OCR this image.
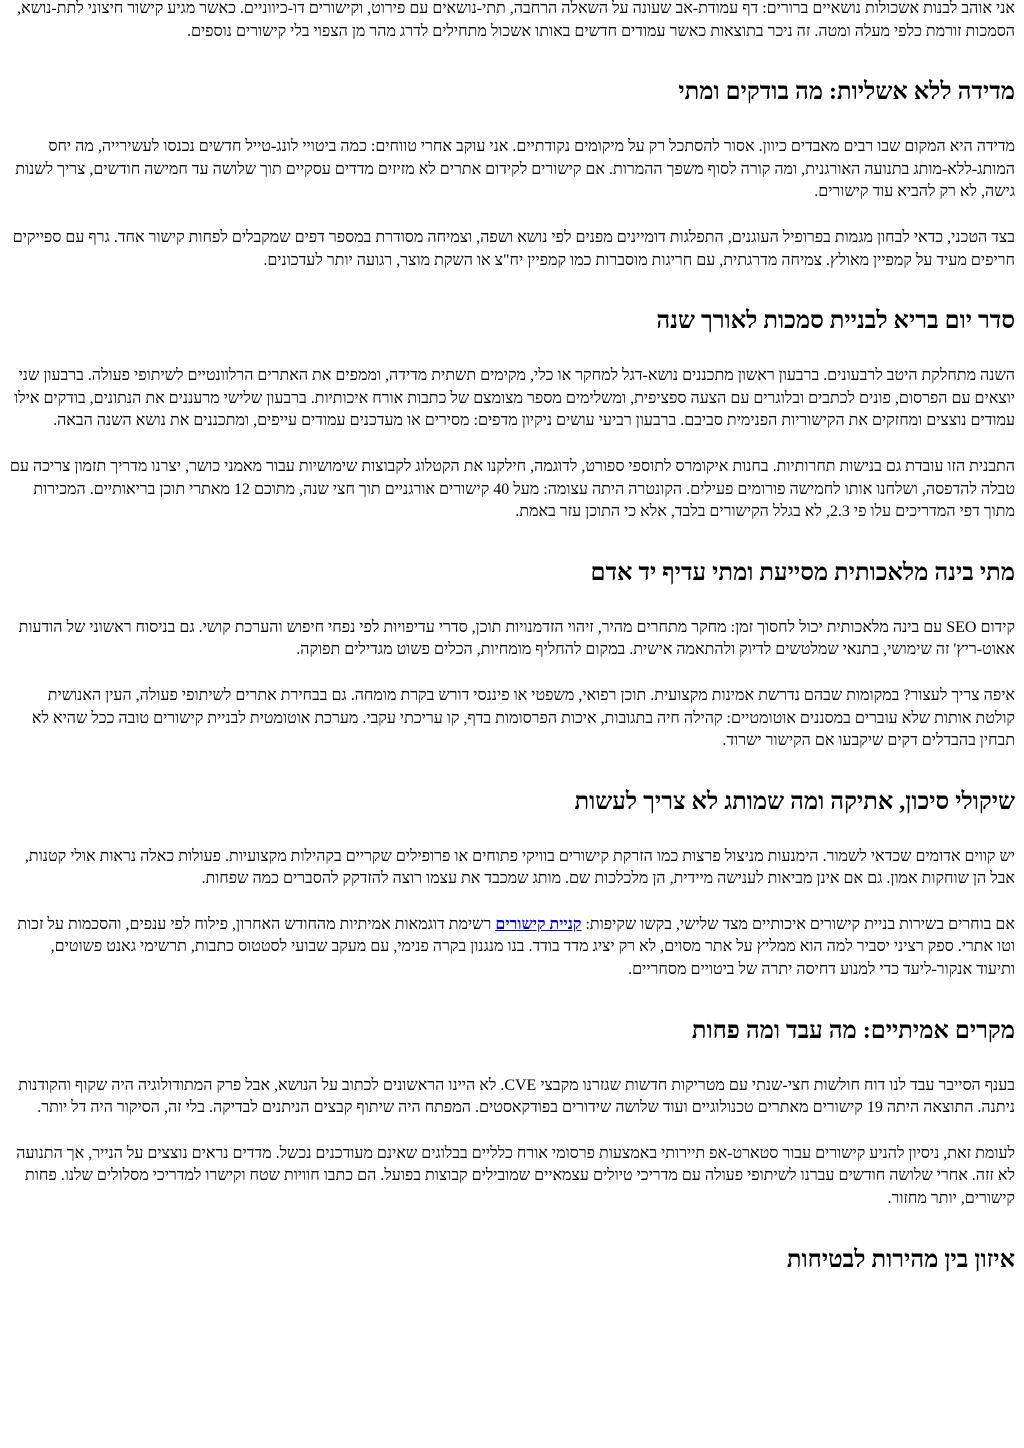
אני אוהב לבנות אשכולות נושאיים ברורים: דף עמודת-אב שעונה על השאלה הרחבה, תתי-נושאים עם פירוט, וקישורים דו-כיווניים. כאשר מגיע קישור חיצוני לתת-נושא, הסמכות זורמת כלפי מעלה ומטה. זה ניכר בתוצאות כאשר עמודים חדשים באותו אשכול מתחילים לדרג מהר מן הצפוי בלי קישורים נוספים.

מדידה ללא אשליות: מה בודקים ומתי

מדידה היא המקום שבו רבים מאבדים כיוון. אסור להסתכל רק על מיקומים נקודתיים. אני עוקב אחרי טווחים: כמה ביטויי לונג-טייל חדשים נכנסו לעשירייה, מה יחס המותג-ללא-מותג בתנועה האורגנית, ומה קורה לסוף משפך ההמרות. אם קישורים לקידום אתרים לא מזיזים מדדים עסקיים תוך שלושה עד חמישה חודשים, צריך לשנות גישה, לא רק להביא עוד קישורים.

בצד הטכני, כדאי לבחון מגמות בפרופיל העוגנים, התפלגות דומיינים מפנים לפי נושא ושפה, וצמיחה מסודרת במספר דפים שמקבלים לפחות קישור אחד. גרף עם ספייקים חריפים מעיד על קמפיין מאולץ. צמיחה מדרגתית, עם חריגות מוסברות כמו קמפיין יח"צ או השקת מוצר, רגועה יותר לעדכונים.

סדר יום בריא לבניית סמכות לאורך שנה

השנה מתחלקת היטב לרבעונים. ברבעון ראשון מתכננים נושא-דגל למחקר או כלי, מקימים תשתית מדידה, וממפים את האתרים הרלוונטיים לשיתופי פעולה. ברבעון שני יוצאים עם הפרסום, פונים לכתבים ובלוגרים עם הצעה ספציפית, ומשלימים מספר מצומצם של כתבות אורח איכותיות. ברבעון שלישי מרעננים את הנתונים, בודקים אילו עמודים נוצצים ומחזקים את הקישוריות הפנימית סביבם. ברבעון רביעי עושים ניקיון מדפים: מסירים או מעדכנים עמודים עייפים, ומתכננים את נושא השנה הבאה.

התבנית הזו עובדת גם בנישות תחרותיות. בחנות איקומרס לתוספי ספורט, לדוגמה, חילקנו את הקטלוג לקבוצות שימושיות עבור מאמני כושר, יצרנו מדריך תזמון צריכה עם טבלה להדפסה, ושלחנו אותו לחמישה פורומים פעילים. הקונטרה היתה עצומה: מעל 40 קישורים אורגניים תוך חצי שנה, מתוכם 12 מאתרי תוכן בריאותיים. המכירות מתוך דפי המדריכים עלו פי 2.3, לא בגלל הקישורים בלבד, אלא כי התוכן עזר באמת.

מתי בינה מלאכותית מסייעת ומתי עדיף יד אדם

קידום SEO עם בינה מלאכותית יכול לחסוך זמן: מחקר מתחרים מהיר, זיהוי הזדמנויות תוכן, סדרי עדיפויות לפי נפחי חיפוש והערכת קושי. גם בניסוח ראשוני של הודעות אאוט-ריץ' זה שימושי, בתנאי שמלטשים לדיוק ולהתאמה אישית. במקום להחליף מומחיות, הכלים פשוט מגדילים תפוקה.

איפה צריך לעצור? במקומות שבהם נדרשת אמינות מקצועית. תוכן רפואי, משפטי או פיננסי דורש בקרת מומחה. גם בבחירת אתרים לשיתופי פעולה, העין האנושית קולטת אותות שלא עוברים במסננים אוטומטיים: קהילה חיה בתגובות, איכות הפרסומות בדף, קו עריכתי עקבי. מערכת אוטומטית לבניית קישורים טובה ככל שהיא לא תבחין בהבדלים דקים שיקבעו אם הקישור ישרוד.

שיקולי סיכון, אתיקה ומה שמותג לא צריך לעשות

יש קווים אדומים שכדאי לשמור. הימנעות מניצול פרצות כמו הזרקת קישורים בוויקי פתוחים או פרופילים שקריים בקהילות מקצועיות. פעולות כאלה נראות אולי קטנות, אבל הן שוחקות אמון. גם אם אינן מביאות לענישה מיידית, הן מלכלכות שם. מותג שמכבד את עצמו רוצה להזדקק להסברים כמה שפחות.

אם בוחרים בשירות בניית קישורים איכותיים מצד שלישי, בקשו שקיפות: קניית קישורים רשימת דוגמאות אמיתיות מהחודש האחרון, פילוח לפי ענפים, והסכמות על זכות וטו אתרי. ספק רציני יסביר למה הוא ממליץ על אתר מסוים, לא רק יציג מדד בודד. בנו מנגנון בקרה פנימי, עם מעקב שבועי לסטטוס כתבות, תרשימי גאנט פשוטים, ותיעוד אנקור-ליעד כדי למנוע דחיסה יתרה של ביטויים מסחריים.

מקרים אמיתיים: מה עבד ומה פחות

בענף הסייבר עבד לנו דוח חולשות חצי-שנתי עם מטריקות חדשות שגזרנו מקבצי CVE. לא היינו הראשונים לכתוב על הנושא, אבל פרק המתודולוגיה היה שקוף והקודנות ניתנה. התוצאה היתה 19 קישורים מאתרים טכנולוגיים ועוד שלושה שידורים בפודקאסטים. המפתח היה שיתוף קבצים הניתנים לבדיקה. בלי זה, הסיקור היה דל יותר.

לעומת זאת, ניסיון להניע קישורים עבור סטארט-אפ תיירותי באמצעות פרסומי אורח כלליים בבלוגים שאינם מעודכנים נכשל. מדדים נראים נוצצים על הנייר, אך התנועה לא זזה. אחרי שלושה חודשים עברנו לשיתופי פעולה עם מדריכי טיולים עצמאיים שמובילים קבוצות בפועל. הם כתבו חוויות שטח וקישרו למדריכי מסלולים שלנו. פחות קישורים, יותר מחזור.

איזון בין מהירות לבטיחות
